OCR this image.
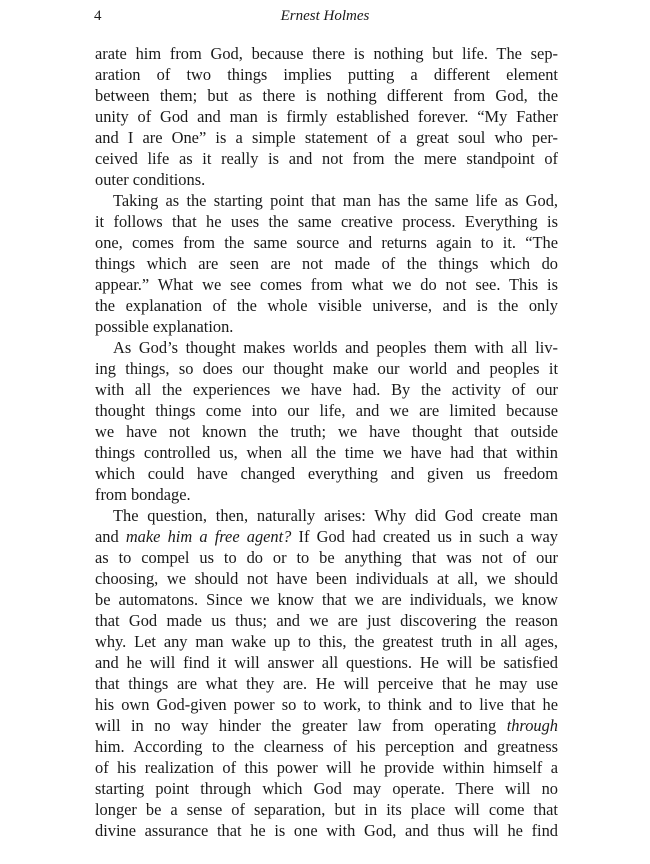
4	Ernest Holmes
arate him from God, because there is nothing but life. The sep-
aration of two things implies putting a different element
between them; but as there is nothing different from God, the
unity of God and man is firmly established forever. “My Father
and I are One” is a simple statement of a great soul who per-
ceived life as it really is and not from the mere standpoint of
outer conditions.
Taking as the starting point that man has the same life as God,
it follows that he uses the same creative process. Everything is
one, comes from the same source and returns again to it. “The
things which are seen are not made of the things which do
appear.” What we see comes from what we do not see. This is
the explanation of the whole visible universe, and is the only
possible explanation.
As God’s thought makes worlds and peoples them with all liv-
ing things, so does our thought make our world and peoples it
with all the experiences we have had. By the activity of our
thought things come into our life, and we are limited because
we have not known the truth; we have thought that outside
things controlled us, when all the time we have had that within
which could have changed everything and given us freedom
from bondage.
The question, then, naturally arises: Why did God create man
and make him a free agent? If God had created us in such a way
as to compel us to do or to be anything that was not of our
choosing, we should not have been individuals at all, we should
be automatons. Since we know that we are individuals, we know
that God made us thus; and we are just discovering the reason
why. Let any man wake up to this, the greatest truth in all ages,
and he will find it will answer all questions. He will be satisfied
that things are what they are. He will perceive that he may use
his own God-given power so to work, to think and to live that he
will in no way hinder the greater law from operating through
him. According to the clearness of his perception and greatness
of his realization of this power will he provide within himself a
starting point through which God may operate. There will no
longer be a sense of separation, but in its place will come that
divine assurance that he is one with God, and thus will he find
